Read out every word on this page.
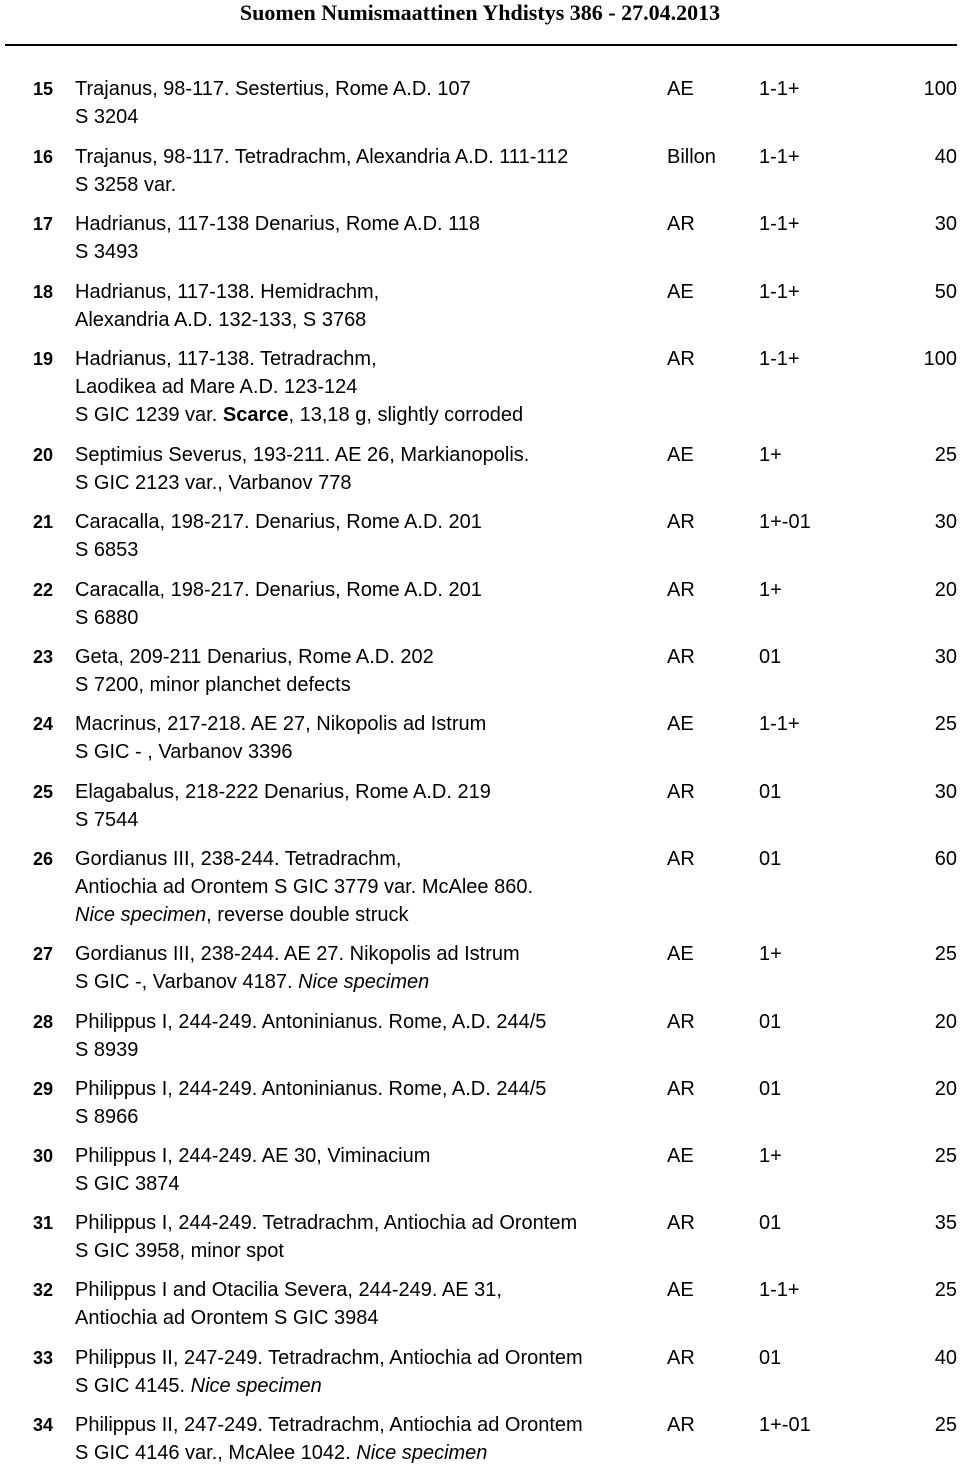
Suomen Numismaattinen Yhdistys 386 - 27.04.2013
15 Trajanus, 98-117. Sestertius, Rome A.D. 107
S 3204
AE	1-1+	100
16 Trajanus, 98-117. Tetradrachm, Alexandria A.D. 111-112
S 3258 var.
Billon 1-1+	40
17 Hadrianus, 117-138 Denarius, Rome A.D. 118
S 3493
AR	1-1+	30
18 Hadrianus, 117-138. Hemidrachm,
Alexandria A.D. 132-133, S 3768
AE	1-1+	50
19 Hadrianus, 117-138. Tetradrachm,
Laodikea ad Mare A.D. 123-124
S GIC 1239 var. Scarce, 13,18 g, slightly corroded
AR	1-1+	100
20 Septimius Severus, 193-211. AE 26, Markianopolis.
S GIC 2123 var., Varbanov 778
AE	1+	25
21 Caracalla, 198-217. Denarius, Rome A.D. 201
S 6853
AR	1+-01	30
22 Caracalla, 198-217. Denarius, Rome A.D. 201
S 6880
AR	1+	20
23 Geta, 209-211 Denarius, Rome A.D. 202
S 7200, minor planchet defects
AR	01	30
24 Macrinus, 217-218. AE 27, Nikopolis ad Istrum
S GIC - , Varbanov 3396
AE	1-1+	25
25 Elagabalus, 218-222 Denarius, Rome A.D. 219
S 7544
AR	01	30
26 Gordianus III, 238-244. Tetradrachm,
Antiochia ad Orontem S GIC 3779 var. McAlee 860.
Nice specimen, reverse double struck
AR	01	60
27 Gordianus III, 238-244. AE 27. Nikopolis ad Istrum
S GIC -, Varbanov 4187. Nice specimen
AE	1+	25
28 Philippus I, 244-249. Antoninianus. Rome, A.D. 244/5
S 8939
AR	01	20
29 Philippus I, 244-249. Antoninianus. Rome, A.D. 244/5
S 8966
AR	01	20
30 Philippus I, 244-249. AE 30, Viminacium
S GIC 3874
AE	1+	25
31 Philippus I, 244-249. Tetradrachm, Antiochia ad Orontem
S GIC 3958, minor spot
AR	01	35
32 Philippus I and Otacilia Severa, 244-249. AE 31,
Antiochia ad Orontem S GIC 3984
AE	1-1+	25
33 Philippus II, 247-249. Tetradrachm, Antiochia ad Orontem
S GIC 4145. Nice specimen
AR	01	40
34 Philippus II, 247-249. Tetradrachm, Antiochia ad Orontem
S GIC 4146 var., McAlee 1042. Nice specimen
AR	1+-01	25
